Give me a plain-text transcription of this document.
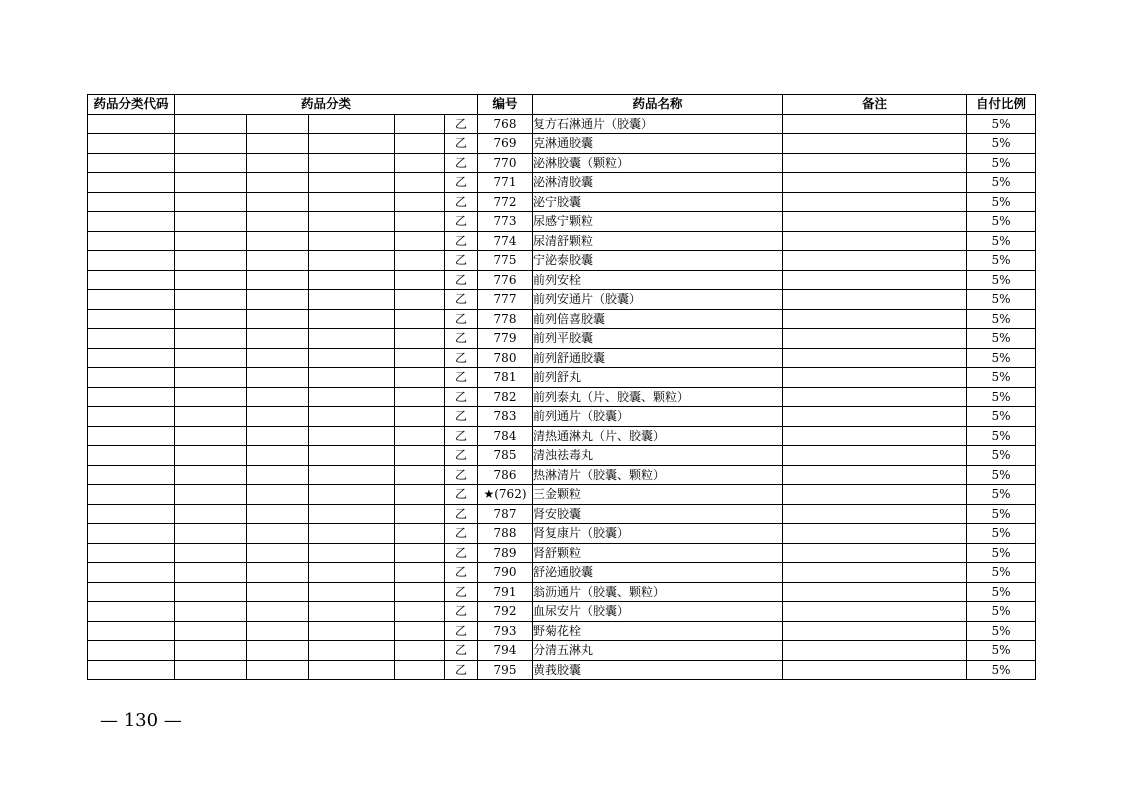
药品分类代码	药品分类					编号	药品名称	备注	自付比例
					乙	768	复方石淋通片（胶囊）		5%
					乙	769	克淋通胶囊		5%
					乙	770	泌淋胶囊（颗粒）		5%
					乙	771	泌淋清胶囊		5%
					乙	772	泌宁胶囊		5%
					乙	773	尿感宁颗粒		5%
					乙	774	尿清舒颗粒		5%
					乙	775	宁泌泰胶囊		5%
					乙	776	前列安栓		5%
					乙	777	前列安通片（胶囊）		5%
					乙	778	前列倍喜胶囊		5%
					乙	779	前列平胶囊		5%
					乙	780	前列舒通胶囊		5%
					乙	781	前列舒丸		5%
					乙	782	前列泰丸（片、胶囊、颗粒）		5%
					乙	783	前列通片（胶囊）		5%
					乙	784	清热通淋丸（片、胶囊）		5%
					乙	785	清浊祛毒丸		5%
					乙	786	热淋清片（胶囊、颗粒）		5%
					乙	★(762)	三金颗粒		5%
					乙	787	肾安胶囊		5%
					乙	788	肾复康片（胶囊）		5%
					乙	789	肾舒颗粒		5%
					乙	790	舒泌通胶囊		5%
					乙	791	翁沥通片（胶囊、颗粒）		5%
					乙	792	血尿安片（胶囊）		5%
					乙	793	野菊花栓		5%
					乙	794	分清五淋丸		5%
					乙	795	黄莪胶囊		5%
— 130 —
